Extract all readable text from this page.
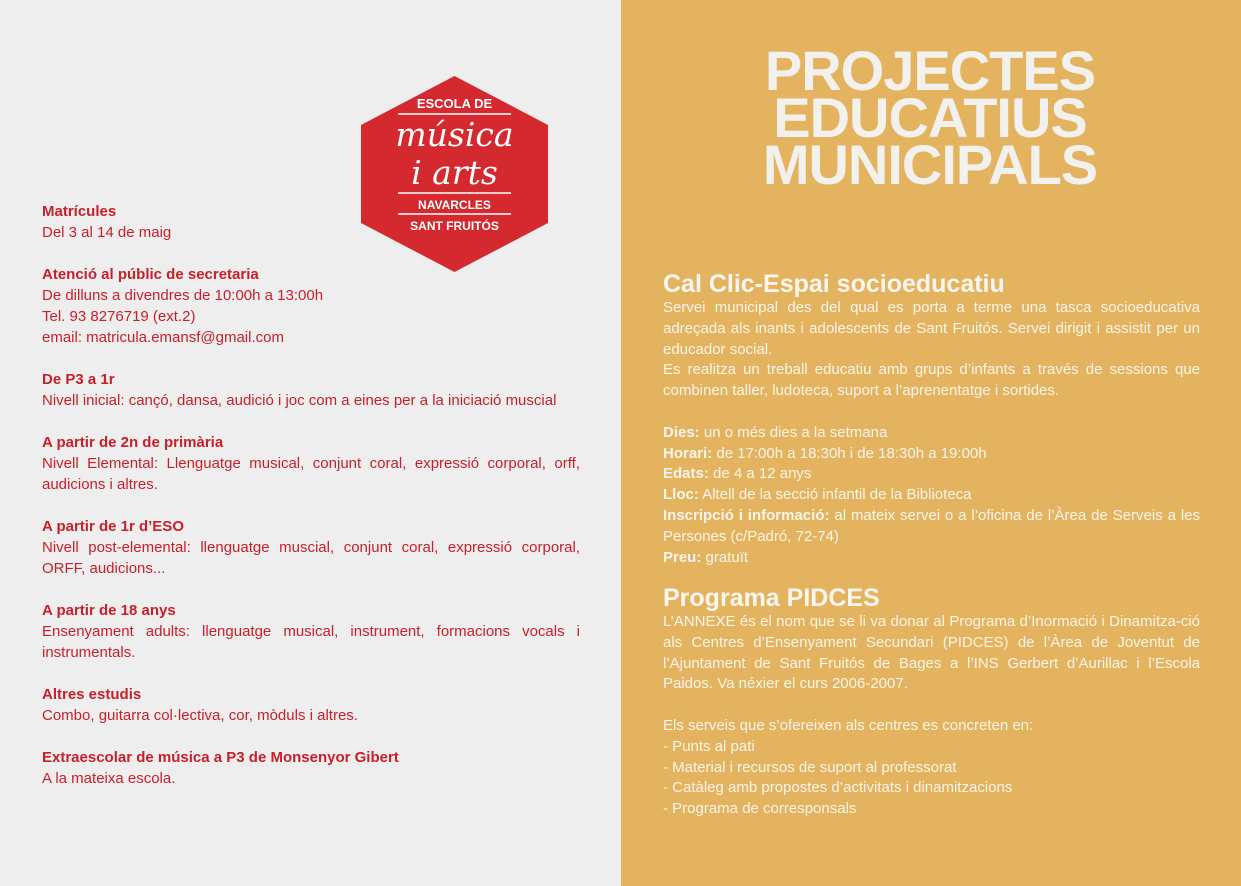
ESCOLA DE
música
i arts
NAVARCLES
SANT FRUITÓS
Matrícules
Del 3 al 14 de maig
Atenció al públic de secretaria
De dilluns a divendres de 10:00h a 13:00h
Tel. 93 8276719 (ext.2)
email: matricula.emansf@gmail.com
De P3 a 1r
Nivell inicial: cançó, dansa, audició i joc com a eines per a la iniciació muscial
A partir de 2n de primària
Nivell Elemental: Llenguatge musical, conjunt coral, expressió corporal, orff, audicions i altres.
A partir de 1r d’ESO
Nivell post-elemental: llenguatge muscial, conjunt coral, expressió corporal, ORFF, audicions...
A partir de 18 anys
Ensenyament adults: llenguatge musical, instrument, formacions vocals i instrumentals.
Altres estudis
Combo, guitarra col·lectiva, cor, mòduls i altres.
Extraescolar de música a P3 de Monsenyor Gibert
A la mateixa escola.
PROJECTES
EDUCATIUS
MUNICIPALS
Cal Clic-Espai socioeducatiu
Servei municipal des del qual es porta a terme una tasca socioeducativa adreçada als inants i adolescents de Sant Fruitós. Servei dirigit i assistit per un educador social.
Es realitza un treball educatiu amb grups d’infants a través de sessions que combinen taller, ludoteca, suport a l’aprenentatge i sortides.
Dies: un o més dies a la setmana
Horari: de 17:00h a 18:30h i de 18:30h a 19:00h
Edats: de 4 a 12 anys
Lloc: Altell de la secció infantil de la Biblioteca
Inscripció i informació: al mateix servei o a l’oficina de l’Àrea de Serveis a les Persones (c/Padró, 72-74)
Preu: gratuït
Programa PIDCES
L’ANNEXE és el nom que se li va donar al Programa d’Inormació i Dinamitza-ció als Centres d’Ensenyament Secundari (PIDCES) de l’Àrea de Joventut de l’Ajuntament de Sant Fruitós de Bages a l’INS Gerbert d’Aurillac i l’Escola Paidos. Va néxier el curs 2006-2007.
Els serveis que s’ofereixen als centres es concreten en:
- Punts al pati
- Material i recursos de suport al professorat
- Catàleg amb propostes d’activitats i dinamitzacions
- Programa de corresponsals
